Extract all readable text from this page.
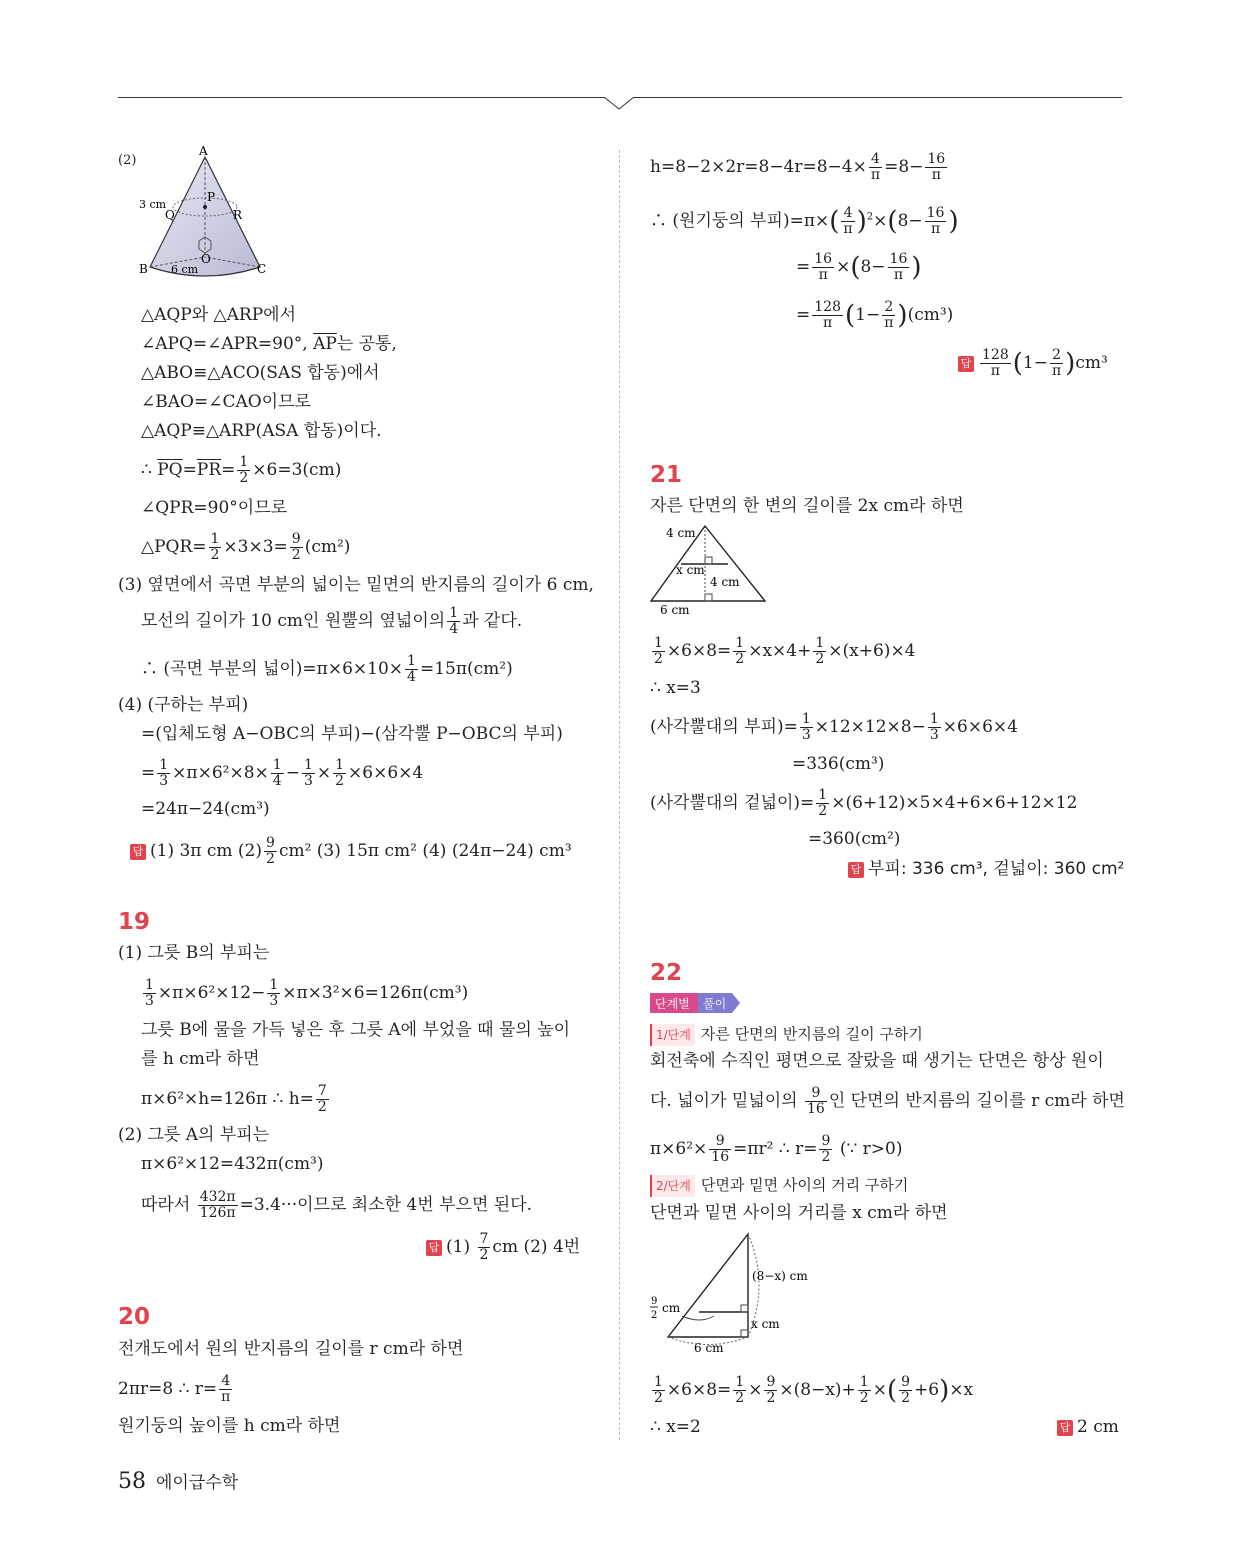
(2)
A
P
Q	R
O
B	C
3 cm
6 cm
△AQP와 △ARP에서
∠APQ=∠APR=90°, $\overline{AP}$는 공통,
△ABO≡△ACO(SAS 합동)에서
∠BAO=∠CAO이므로
△AQP≡△ARP(ASA 합동)이다.
∴ $\overline{PQ}=\overline{PR}= \frac{1}{2} \times 6=3(cm)$
∠QPR=90°이므로
△PQR= $\frac{1}{2} \times 3\times 3= \frac{9}{2} (cm^2)$
(3) 옆면에서 곡면 부분의 넓이는 밑면의 반지름의 길이가 6 cm,
모선의 길이가 10 cm인 원뿔의 옆넓이의 $\frac{1}{4}$ 과 같다.
∴ (곡면 부분의 넓이)$=\pi\times 6\times 10\times \frac{1}{4} =15\pi(cm^2)$
(4) (구하는 부피)
=(입체도형 A−OBC의 부피)−(삼각뿔 P−OBC의 부피)
= $\frac{1}{3} \times\pi\times 6^2\times 8\times \frac{1}{4} - \frac{1}{3} \times \frac{1}{2} \times 6\times 6\times 4$
=24π−24(cm³)
답 (1) 3π cm $(2) \frac{9}{2} cm^2$ (3) 15π cm² (4) (24π−24) cm³
19
(1) 그릇 B의 부피는
$\frac{1}{3} \times\pi\times 6^2\times 12- \frac{1}{3} \times\pi\times 3^2\times 6=126\pi(cm^3)$
그릇 B에 물을 가득 넣은 후 그릇 A에 부었을 때 물의 높이
를 h cm라 하면
π×6²×h=126π ∴ $h= \frac{7}{2}$
(2) 그릇 A의 부피는
π×6²×12=432π(cm³)
따라서 $\frac{432\pi}{126\pi} =3.4\cdot\cdot\cdot$이므로 최소한 4번 부으면 된다.
답 $(1) \frac{7}{2}$ cm (2) 4번
20
전개도에서 원의 반지름의 길이를 r cm라 하면
2πr=8 ∴ $r= \frac{4}{\pi}$
원기둥의 높이를 h cm라 하면
$h=8-2\times 2r=8-4r=8-4\times \frac{4}{\pi} =8- \frac{16}{\pi}$
∴ (원기둥의 부피)$=\pi\times( \frac{4}{\pi} )^2\times(8- \frac{16}{\pi}$ )
= $\frac{16}{\pi} \times(8- \frac{16}{\pi}$ )
= $\frac{128}{\pi} (1- \frac{2}{\pi} )(cm^3)$
답 $\frac{128}{\pi} (1- \frac{2}{\pi} )cm^3$
21
자른 단면의 한 변의 길이를 2x cm라 하면
4 cm
x cm
4 cm
6 cm
$\frac{1}{2} \times 6\times 8= \frac{1}{2} \times x\times 4+ \frac{1}{2} \times(x+6)\times 4$
∴ x=3
(사각뿔대의 부피)= $\frac{1}{3} \times 12\times 12\times 8- \frac{1}{3} \times 6\times 6\times 4$
=336(cm³)
(사각뿔대의 겉넓이)= $\frac{1}{2} \times(6+12)\times 5\times 4+6\times 6+12\times 12$
=360(cm²)
답 부피: 336 cm³, 겉넓이: 360 cm²
22
단계별 풀이
1/단계 자른 단면의 반지름의 길이 구하기
회전축에 수직인 평면으로 잘랐을 때 생기는 단면은 항상 원이
다. 넓이가 밑넓이의 $\frac{9}{16}$ 인 단면의 반지름의 길이를 r cm라 하면
$\pi\times 6^2\times \frac{9}{16} =\pi r^2$ ∴ $r= \frac{9}{2}$ (∵ r>0)
2/단계 단면과 밑면 사이의 거리 구하기
단면과 밑면 사이의 거리를 x cm라 하면
(8−x) cm
9
2
cm
x cm
6 cm
$\frac{1}{2} \times 6\times 8= \frac{1}{2} \times \frac{9}{2} \times(8-x)+ \frac{1}{2}$ ×( $\frac{9}{2} +6)\times x$
∴ x=2	답 2 cm
58 에이급수학
